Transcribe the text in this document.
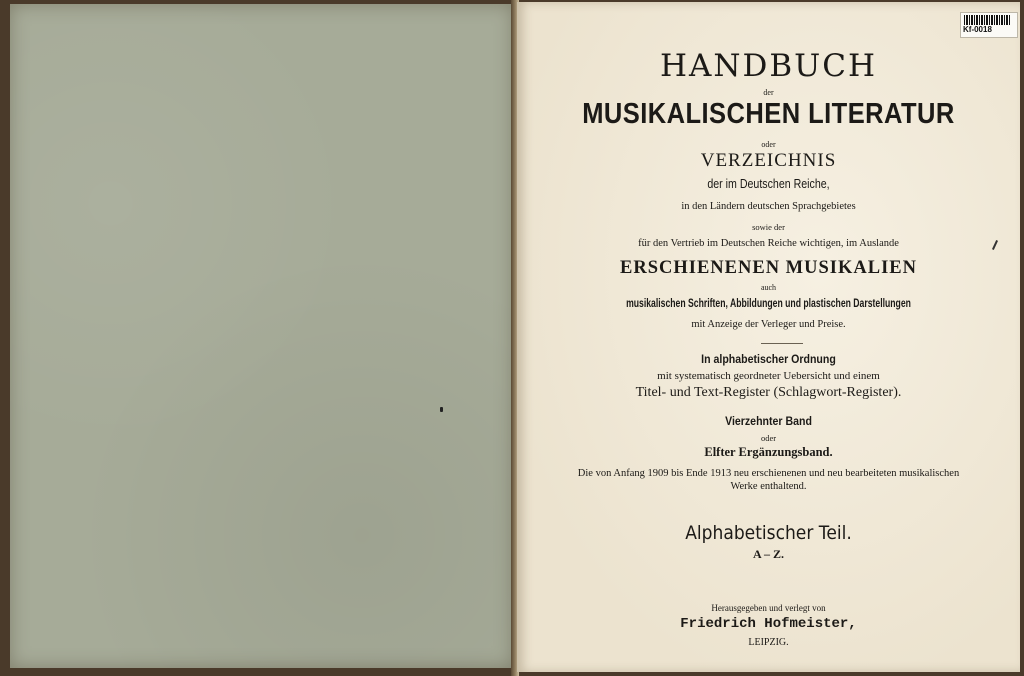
HANDBUCH
der
MUSIKALISCHEN LITERATUR
oder
VERZEICHNIS
der im Deutschen Reiche,
in den Ländern deutschen Sprachgebietes
sowie der
für den Vertrieb im Deutschen Reiche wichtigen, im Auslande
ERSCHIENENEN MUSIKALIEN
auch
musikalischen Schriften, Abbildungen und plastischen Darstellungen
mit Anzeige der Verleger und Preise.
In alphabetischer Ordnung
mit systematisch geordneter Uebersicht und einem
Titel- und Text-Register (Schlagwort-Register).
Vierzehnter Band
oder
Elfter Ergänzungsband.
Die von Anfang 1909 bis Ende 1913 neu erschienenen und neu bearbeiteten musikalischen
Werke enthaltend.
Alphabetischer Teil.
A – Z.
Herausgegeben und verlegt von
Friedrich Hofmeister,
LEIPZIG.
Kf-0018
